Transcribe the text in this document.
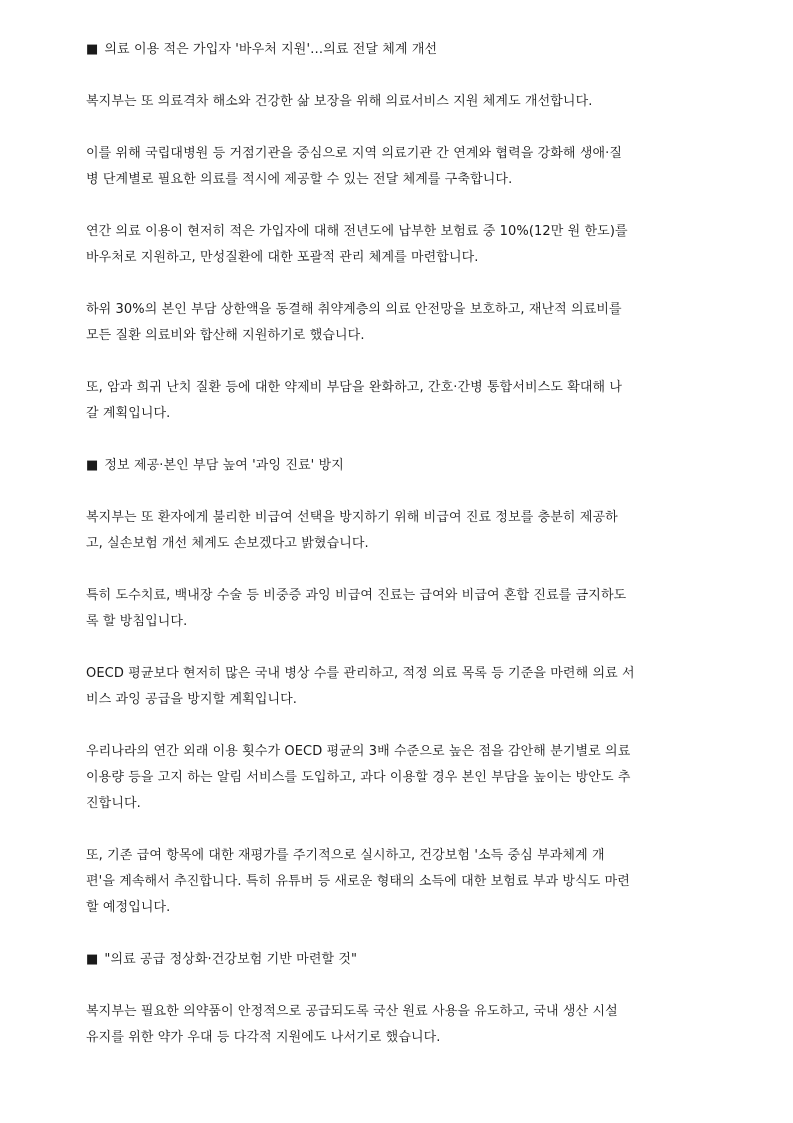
■ 의료 이용 적은 가입자 '바우처 지원'…의료 전달 체계 개선
복지부는 또 의료격차 해소와 건강한 삶 보장을 위해 의료서비스 지원 체계도 개선합니다.
이를 위해 국립대병원 등 거점기관을 중심으로 지역 의료기관 간 연계와 협력을 강화해 생애·질
병 단계별로 필요한 의료를 적시에 제공할 수 있는 전달 체계를 구축합니다.
연간 의료 이용이 현저히 적은 가입자에 대해 전년도에 납부한 보험료 중 10%(12만 원 한도)를
바우처로 지원하고, 만성질환에 대한 포괄적 관리 체계를 마련합니다.
하위 30%의 본인 부담 상한액을 동결해 취약계층의 의료 안전망을 보호하고, 재난적 의료비를
모든 질환 의료비와 합산해 지원하기로 했습니다.
또, 암과 희귀 난치 질환 등에 대한 약제비 부담을 완화하고, 간호·간병 통합서비스도 확대해 나
갈 계획입니다.
■ 정보 제공·본인 부담 높여 '과잉 진료' 방지
복지부는 또 환자에게 불리한 비급여 선택을 방지하기 위해 비급여 진료 정보를 충분히 제공하
고, 실손보험 개선 체계도 손보겠다고 밝혔습니다.
특히 도수치료, 백내장 수술 등 비중증 과잉 비급여 진료는 급여와 비급여 혼합 진료를 금지하도
록 할 방침입니다.
OECD 평균보다 현저히 많은 국내 병상 수를 관리하고, 적정 의료 목록 등 기준을 마련해 의료 서
비스 과잉 공급을 방지할 계획입니다.
우리나라의 연간 외래 이용 횟수가 OECD 평균의 3배 수준으로 높은 점을 감안해 분기별로 의료
이용량 등을 고지 하는 알림 서비스를 도입하고, 과다 이용할 경우 본인 부담을 높이는 방안도 추
진합니다.
또, 기존 급여 항목에 대한 재평가를 주기적으로 실시하고, 건강보험 '소득 중심 부과체계 개
편'을 계속해서 추진합니다. 특히 유튜버 등 새로운 형태의 소득에 대한 보험료 부과 방식도 마련
할 예정입니다.
■ "의료 공급 정상화·건강보험 기반 마련할 것"
복지부는 필요한 의약품이 안정적으로 공급되도록 국산 원료 사용을 유도하고, 국내 생산 시설
유지를 위한 약가 우대 등 다각적 지원에도 나서기로 했습니다.
